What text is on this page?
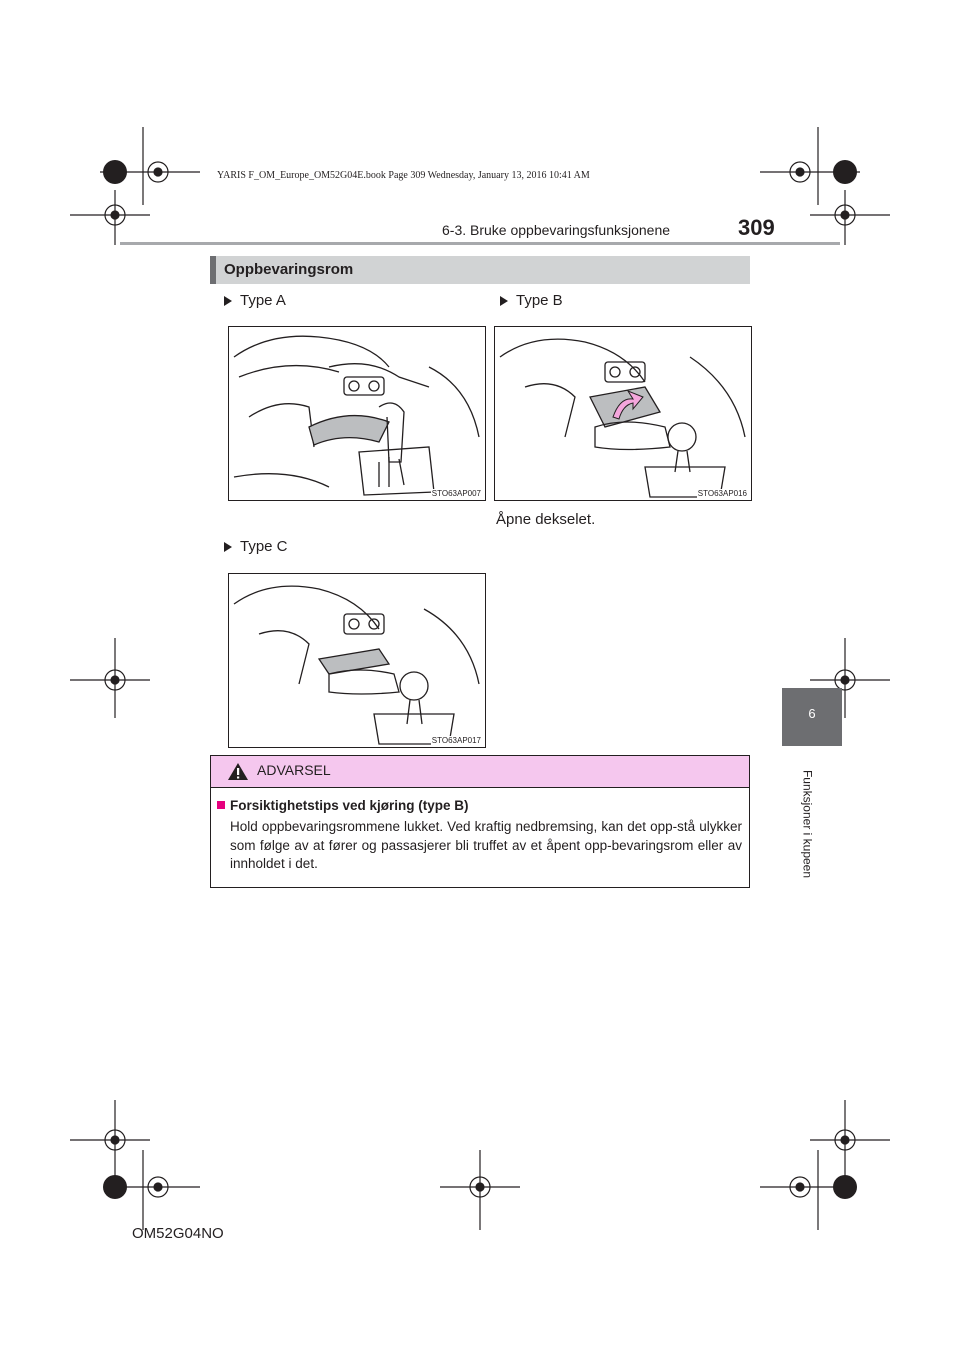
YARIS F_OM_Europe_OM52G04E.book Page 309 Wednesday, January 13, 2016 10:41 AM
6-3. Bruke oppbevaringsfunksjonene	309
Oppbevaringsrom
Type A
STO63AP007
Type B
STO63AP016
Åpne dekselet.
Type C
STO63AP017
ADVARSEL
Forsiktighetstips ved kjøring (type B)
Hold oppbevaringsrommene lukket. Ved kraftig nedbremsing, kan det opp-stå ulykker som følge av at fører og passasjerer bli truffet av et åpent opp-bevaringsrom eller av innholdet i det.
6
Funksjoner i kupeen
OM52G04NO
